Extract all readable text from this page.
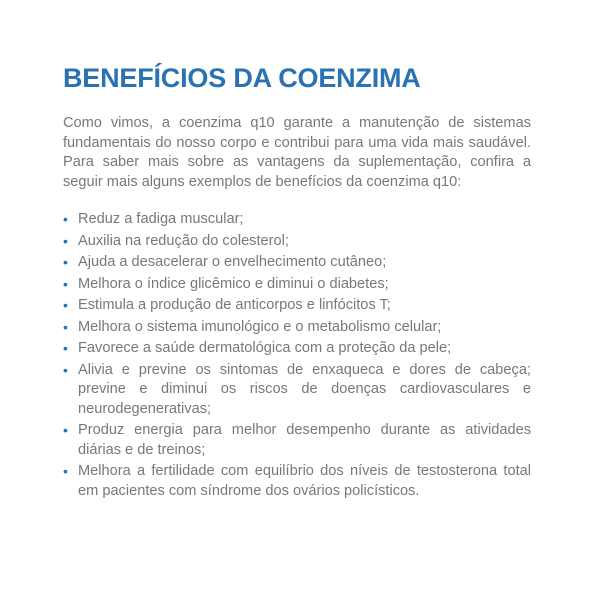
BENEFÍCIOS DA COENZIMA

Como vimos, a coenzima q10 garante a manutenção de sistemas fundamentais do nosso corpo e contribui para uma vida mais saudável. Para saber mais sobre as vantagens da suplementação, confira a seguir mais alguns exemplos de benefícios da coenzima q10:

• Reduz a fadiga muscular;
• Auxilia na redução do colesterol;
• Ajuda a desacelerar o envelhecimento cutâneo;
• Melhora o índice glicêmico e diminui o diabetes;
• Estimula a produção de anticorpos e linfócitos T;
• Melhora o sistema imunológico e o metabolismo celular;
• Favorece a saúde dermatológica com a proteção da pele;
• Alivia e previne os sintomas de enxaqueca e dores de cabeça; previne e diminui os riscos de doenças cardiovasculares e neurodegenerativas;
• Produz energia para melhor desempenho durante as atividades diárias e de treinos;
• Melhora a fertilidade com equilíbrio dos níveis de testosterona total em pacientes com síndrome dos ovários policísticos.
